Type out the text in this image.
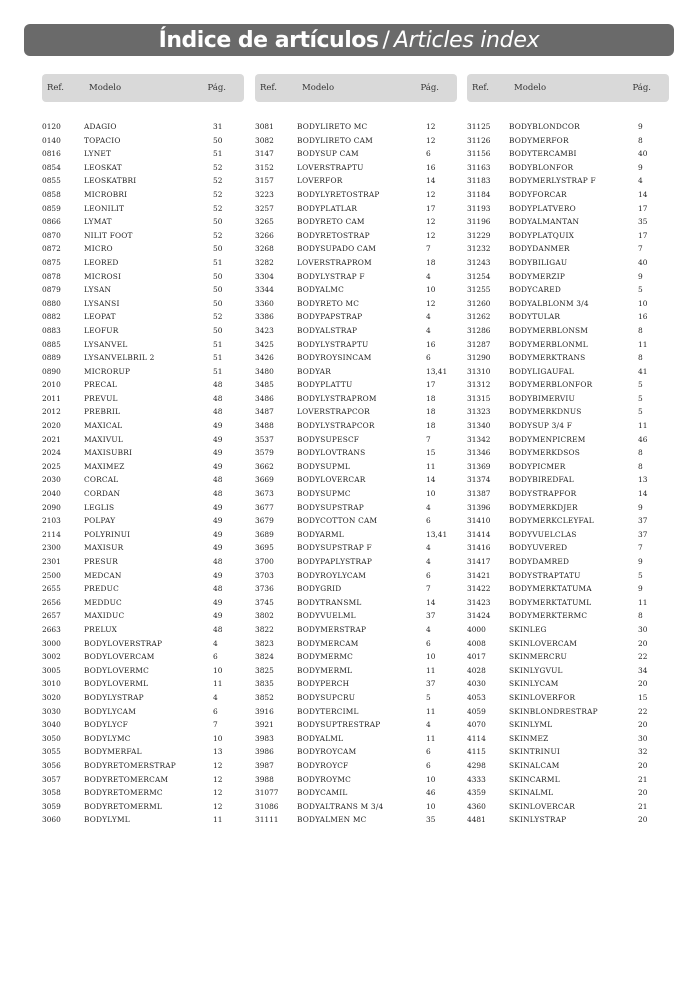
Índice de artículos / Articles index
Ref.	Modelo	Pág.
0120	ADAGIO	31
0140	TOPACIO	50
0816	LYNET	51
0854	LEOSKAT	52
0855	LEOSKATBRI	52
0858	MICROBRI	52
0859	LEONILIT	52
0866	LYMAT	50
0870	NILIT FOOT	52
0872	MICRO	50
0875	LEORED	51
0878	MICROSI	50
0879	LYSAN	50
0880	LYSANSI	50
0882	LEOPAT	52
0883	LEOFUR	50
0885	LYSANVEL	51
0889	LYSANVELBRIL 2	51
0890	MICRORUP	51
2010	PRECAL	48
2011	PREVUL	48
2012	PREBRIL	48
2020	MAXICAL	49
2021	MAXIVUL	49
2024	MAXISUBRI	49
2025	MAXIMEZ	49
2030	CORCAL	48
2040	CORDAN	48
2090	LEGLIS	49
2103	POLPAY	49
2114	POLYRINUI	49
2300	MAXISUR	49
2301	PRESUR	48
2500	MEDCAN	49
2655	PREDUC	48
2656	MEDDUC	49
2657	MAXIDUC	49
2663	PRELUX	48
3000	BODYLOVERSTRAP	4
3002	BODYLOVERCAM	6
3005	BODYLOVERMC	10
3010	BODYLOVERML	11
3020	BODYLYSTRAP	4
3030	BODYLYCAM	6
3040	BODYLYCF	7
3050	BODYLYMC	10
3055	BODYMERFAL	13
3056	BODYRETOMERSTRAP	12
3057	BODYRETOMERCAM	12
3058	BODYRETOMERMC	12
3059	BODYRETOMERML	12
3060	BODYLYML	11
Ref.	Modelo	Pág.
3081	BODYLIRETO MC	12
3082	BODYLIRETO CAM	12
3147	BODYSUP CAM	6
3152	LOVERSTRAPTU	16
3157	LOVERFOR	14
3223	BODYLYRETOSTRAP	12
3257	BODYPLATLAR	17
3265	BODYRETO CAM	12
3266	BODYRETOSTRAP	12
3268	BODYSUPADO CAM	7
3282	LOVERSTRAPROM	18
3304	BODYLYSTRAP F	4
3344	BODYALMC	10
3360	BODYRETO MC	12
3386	BODYPAPSTRAP	4
3423	BODYALSTRAP	4
3425	BODYLYSTRAPTU	16
3426	BODYROYSINCAM	6
3480	BODYAR	13,41
3485	BODYPLATTU	17
3486	BODYLYSTRAPROM	18
3487	LOVERSTRAPCOR	18
3488	BODYLYSTRAPCOR	18
3537	BODYSUPESCF	7
3579	BODYLOVTRANS	15
3662	BODYSUPML	11
3669	BODYLOVERCAR	14
3673	BODYSUPMC	10
3677	BODYSUPSTRAP	4
3679	BODYCOTTON CAM	6
3689	BODYARML	13,41
3695	BODYSUPSTRAP F	4
3700	BODYPAPLYSTRAP	4
3703	BODYROYLYCAM	6
3736	BODYGRID	7
3745	BODYTRANSML	14
3802	BODYVUELML	37
3822	BODYMERSTRAP	4
3823	BODYMERCAM	6
3824	BODYMERMC	10
3825	BODYMERML	11
3835	BODYPERCH	37
3852	BODYSUPCRU	5
3916	BODYTERCIML	11
3921	BODYSUPTRESTRAP	4
3983	BODYALML	11
3986	BODYROYCAM	6
3987	BODYROYCF	6
3988	BODYROYMC	10
31077 BODYCAMIL	46
31086 BODYALTRANS M 3/4	10
31111 BODYALMEN MC	35
Ref.	Modelo	Pág.
31125 BODYBLONDCOR	9
31126 BODYMERFOR	8
31156 BODYTERCAMBI	40
31163 BODYBLONFOR	9
31183 BODYMERLYSTRAP F	4
31184 BODYFORCAR	14
31193 BODYPLATVERO	17
31196 BODYALMANTAN	35
31229 BODYPLATQUIX	17
31232 BODYDANMER	7
31243 BODYBILIGAU	40
31254 BODYMERZIP	9
31255 BODYCARED	5
31260 BODYALBLONM 3/4	10
31262 BODYTULAR	16
31286 BODYMERBLONSM	8
31287 BODYMERBLONML	11
31290 BODYMERKTRANS	8
31310 BODYLIGAUFAL	41
31312 BODYMERBLONFOR	5
31315 BODYBIMERVIU	5
31323 BODYMERKDNUS	5
31340 BODYSUP 3/4 F	11
31342 BODYMENPICREM	46
31346 BODYMERKDSOS	8
31369 BODYPICMER	8
31374 BODYBIREDFAL	13
31387 BODYSTRAPFOR	14
31396 BODYMERKDJER	9
31410 BODYMERKCLEYFAL	37
31414 BODYVUELCLAS	37
31416 BODYUVERED	7
31417 BODYDAMRED	9
31421 BODYSTRAPTATU	5
31422 BODYMERKTATUMA	9
31423 BODYMERKTATUML	11
31424 BODYMERKTERMC	8
4000	SKINLEG	30
4008	SKINLOVERCAM	20
4017	SKINMERCRU	22
4028	SKINLYGVUL	34
4030	SKINLYCAM	20
4053	SKINLOVERFOR	15
4059	SKINBLONDRESTRAP	22
4070	SKINLYML	20
4114	SKINMEZ	30
4115	SKINTRINUI	32
4298	SKINALCAM	20
4333	SKINCARML	21
4359	SKINALML	20
4360	SKINLOVERCAR	21
4481	SKINLYSTRAP	20
